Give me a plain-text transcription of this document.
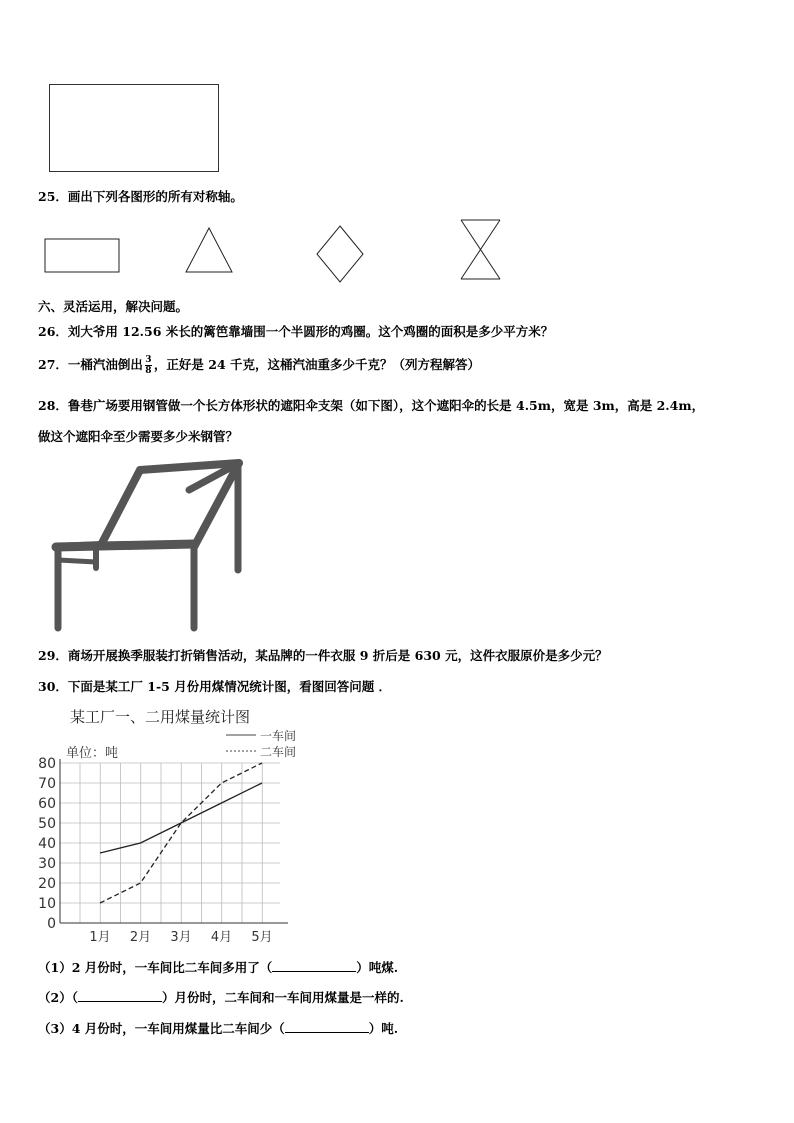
25．画出下列各图形的所有对称轴。
六、灵活运用，解决问题。
26．刘大爷用 12.56 米长的篱笆靠墙围一个半圆形的鸡圈。这个鸡圈的面积是多少平方米？
27．一桶汽油倒出 $\frac{3}{8}$ ，正好是 24 千克，这桶汽油重多少千克？（列方程解答）
28．鲁巷广场要用钢管做一个长方体形状的遮阳伞支架（如下图），这个遮阳伞的长是 4.5m，宽是 3m，高是 2.4m，
做这个遮阳伞至少需要多少米钢管？
29．商场开展换季服装打折销售活动，某品牌的一件衣服 9 折后是 630 元，这件衣服原价是多少元？
30．下面是某工厂 1-5 月份用煤情况统计图，看图回答问题 ．
某工厂一、二用煤量统计图
0
10
20
30
40
50
60
70
80
1月 2月 3月 4月 5月
单位：吨
一车间
二车间
（1）2 月份时，一车间比二车间多用了（	）吨煤.
（2）（	）月份时，二车间和一车间用煤量是一样的.
（3）4 月份时，一车间用煤量比二车间少（	）吨.
